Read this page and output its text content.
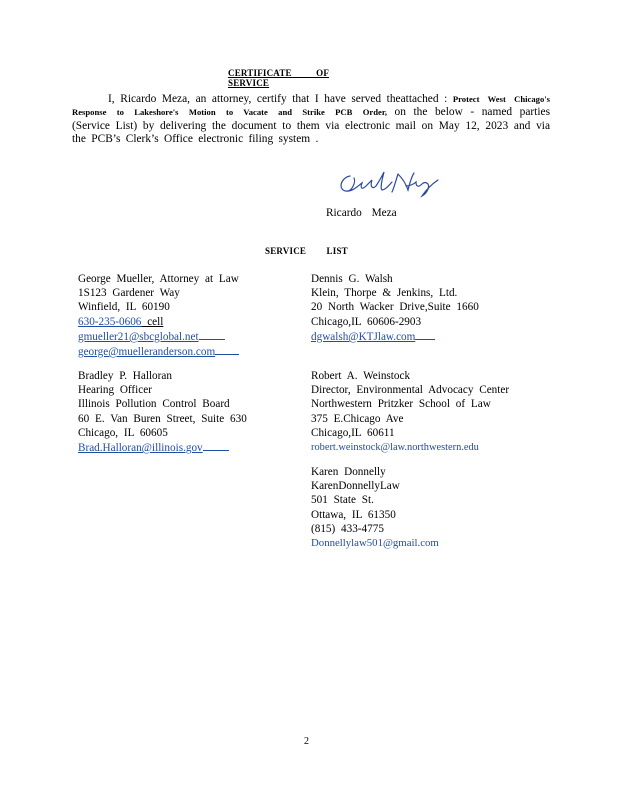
CERTIFICATE OF SERVICE
I, Ricardo Meza, an attorney, certify that I have served theattached : Protect West Chicago's Response to Lakeshore's Motion to Vacate and Strike PCB Order, on the below - named parties (Service List) by delivering the document to them via electronic mail on May 12, 2023 and via the PCB’s Clerk’s Office electronic filing system .
Ricardo Meza
SERVICE LIST
George Mueller, Attorney at Law
1S123 Gardener Way
Winfield, IL 60190
630-235-0606 cell
gmueller21@sbcglobal.net
george@muelleranderson.com
Bradley P. Halloran
Hearing Officer
Illinois Pollution Control Board
60 E. Van Buren Street, Suite 630
Chicago, IL 60605
Brad.Halloran@illinois.gov
Dennis G. Walsh
Klein, Thorpe & Jenkins, Ltd.
20 North Wacker Drive,Suite 1660
Chicago,IL 60606-2903
dgwalsh@KTJlaw.com
Robert A. Weinstock
Director, Environmental Advocacy Center
Northwestern Pritzker School of Law
375 E.Chicago Ave
Chicago,IL 60611
robert.weinstock@law.northwestern.edu
Karen Donnelly
KarenDonnellyLaw
501 State St.
Ottawa, IL 61350
(815) 433-4775
Donnellylaw501@gmail.com
2
